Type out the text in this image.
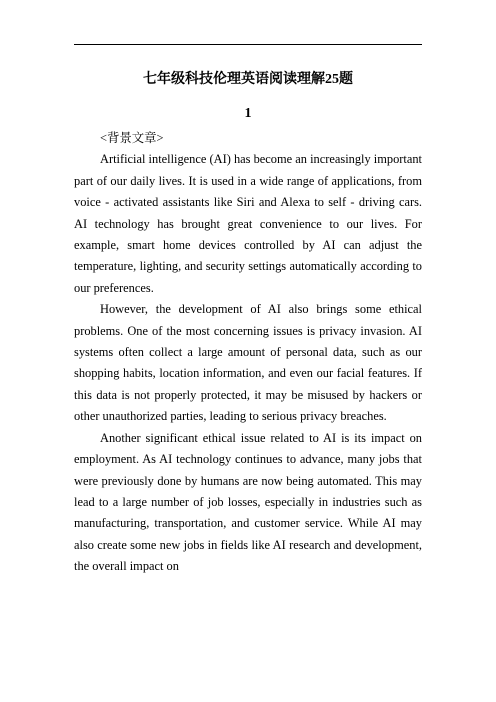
七年级科技伦理英语阅读理解25题
1

<背景文章>

Artificial intelligence (AI) has become an increasingly important part of our daily lives. It is used in a wide range of applications, from voice - activated assistants like Siri and Alexa to self - driving cars. AI technology has brought great convenience to our lives. For example, smart home devices controlled by AI can adjust the temperature, lighting, and security settings automatically according to our preferences.

However, the development of AI also brings some ethical problems. One of the most concerning issues is privacy invasion. AI systems often collect a large amount of personal data, such as our shopping habits, location information, and even our facial features. If this data is not properly protected, it may be misused by hackers or other unauthorized parties, leading to serious privacy breaches.

Another significant ethical issue related to AI is its impact on employment. As AI technology continues to advance, many jobs that were previously done by humans are now being automated. This may lead to a large number of job losses, especially in industries such as manufacturing, transportation, and customer service. While AI may also create some new jobs in fields like AI research and development, the overall impact on
